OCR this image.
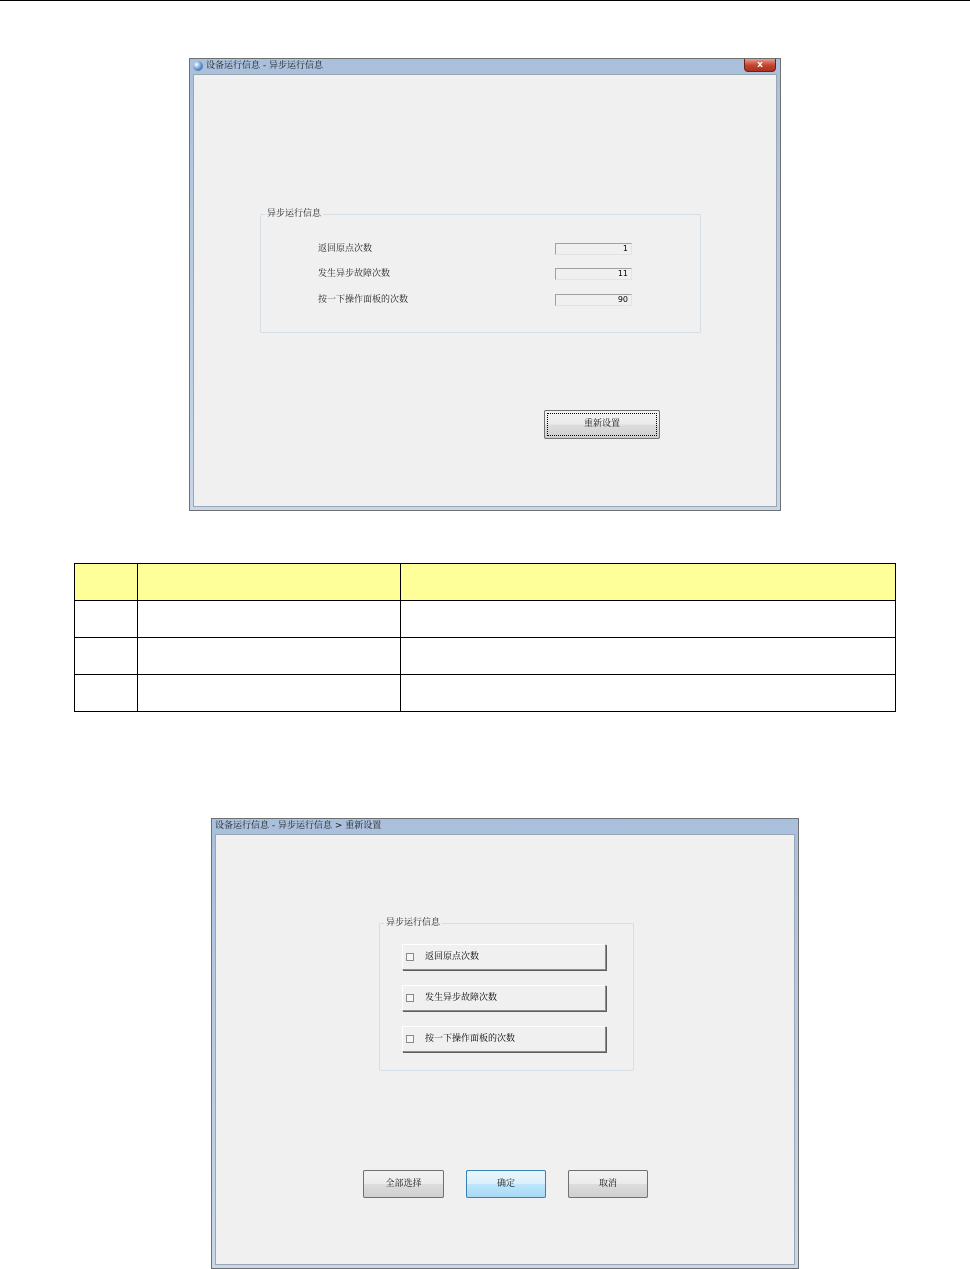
设备运行信息 - 异步运行信息	x
异步运行信息
返回原点次数	1
发生异步故障次数	11
按一下操作面板的次数	90
重新设置

设备运行信息 - 异步运行信息 > 重新设置
异步运行信息
返回原点次数
发生异步故障次数
按一下操作面板的次数
全部选择	确定	取消
